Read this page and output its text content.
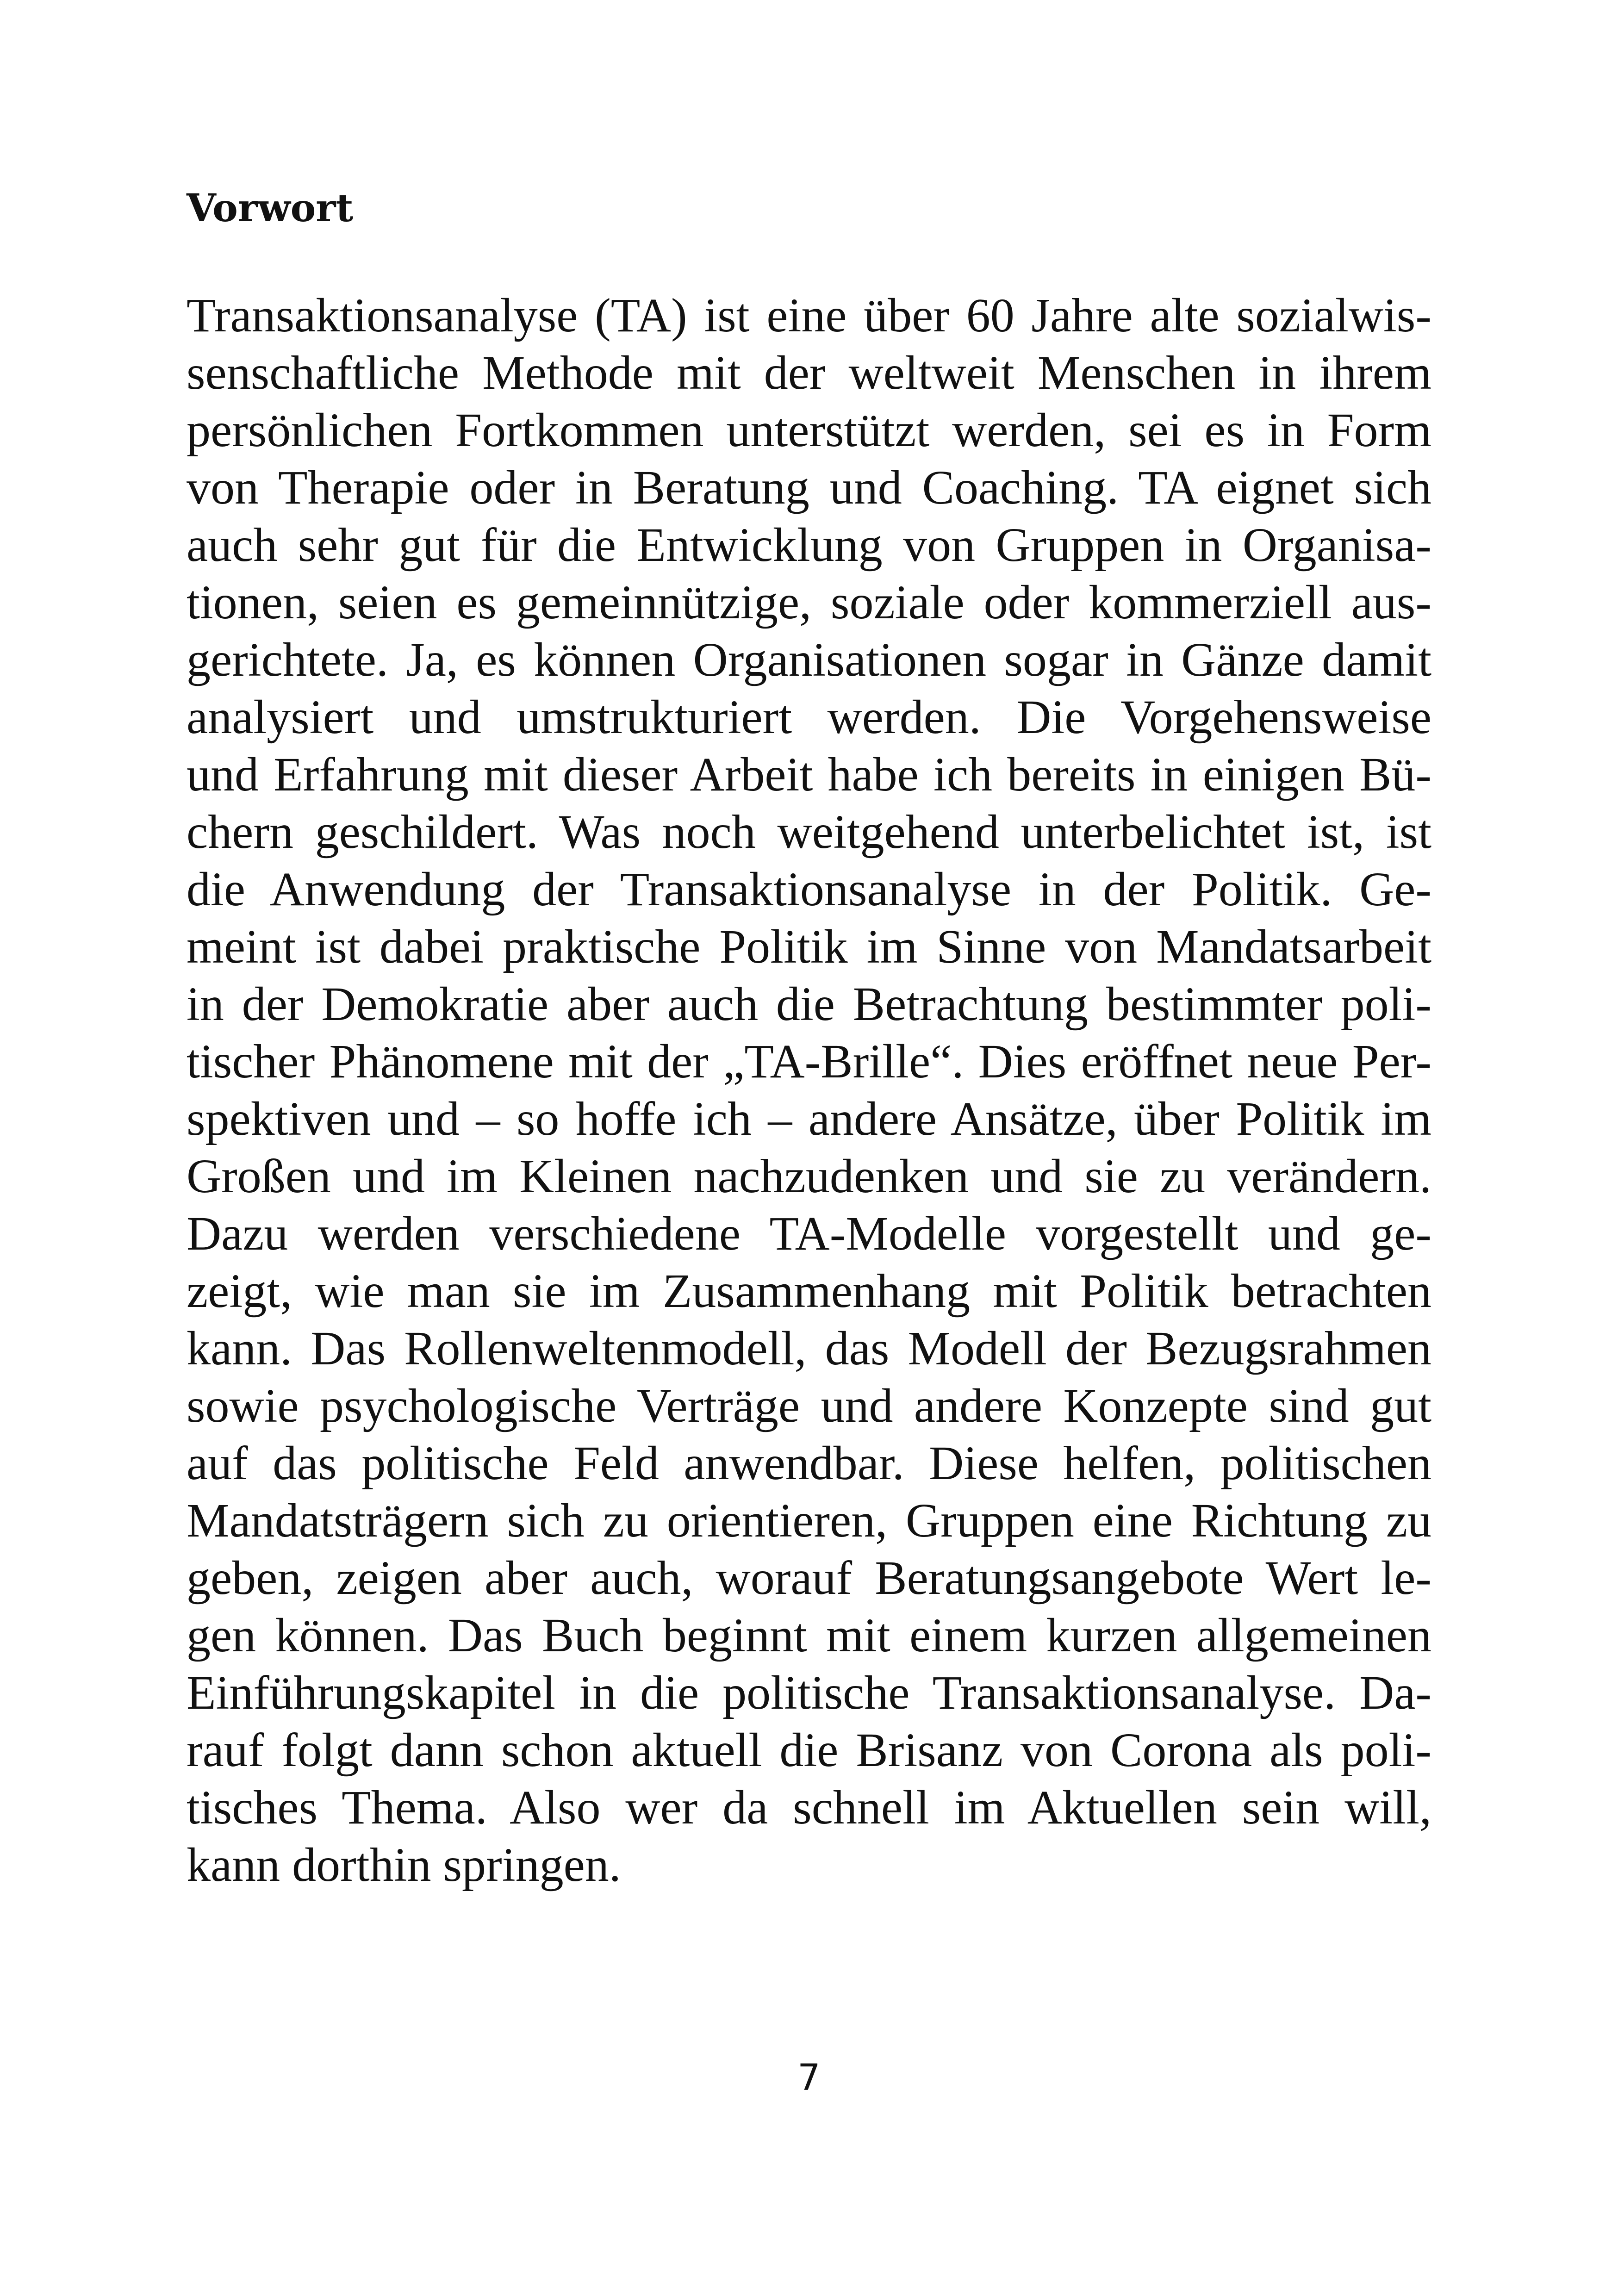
Vorwort
Transaktionsanalyse (TA) ist eine über 60 Jahre alte sozialwis-
senschaftliche Methode mit der weltweit Menschen in ihrem
persönlichen Fortkommen unterstützt werden, sei es in Form
von Therapie oder in Beratung und Coaching. TA eignet sich
auch sehr gut für die Entwicklung von Gruppen in Organisa-
tionen, seien es gemeinnützige, soziale oder kommerziell aus-
gerichtete. Ja, es können Organisationen sogar in Gänze damit
analysiert und umstrukturiert werden. Die Vorgehensweise
und Erfahrung mit dieser Arbeit habe ich bereits in einigen Bü-
chern geschildert. Was noch weitgehend unterbelichtet ist, ist
die Anwendung der Transaktionsanalyse in der Politik. Ge-
meint ist dabei praktische Politik im Sinne von Mandatsarbeit
in der Demokratie aber auch die Betrachtung bestimmter poli-
tischer Phänomene mit der „TA-Brille“. Dies eröffnet neue Per-
spektiven und – so hoffe ich – andere Ansätze, über Politik im
Großen und im Kleinen nachzudenken und sie zu verändern.
Dazu werden verschiedene TA-Modelle vorgestellt und ge-
zeigt, wie man sie im Zusammenhang mit Politik betrachten
kann. Das Rollenweltenmodell, das Modell der Bezugsrahmen
sowie psychologische Verträge und andere Konzepte sind gut
auf das politische Feld anwendbar. Diese helfen, politischen
Mandatsträgern sich zu orientieren, Gruppen eine Richtung zu
geben, zeigen aber auch, worauf Beratungsangebote Wert le-
gen können. Das Buch beginnt mit einem kurzen allgemeinen
Einführungskapitel in die politische Transaktionsanalyse. Da-
rauf folgt dann schon aktuell die Brisanz von Corona als poli-
tisches Thema. Also wer da schnell im Aktuellen sein will,
kann dorthin springen.
7
